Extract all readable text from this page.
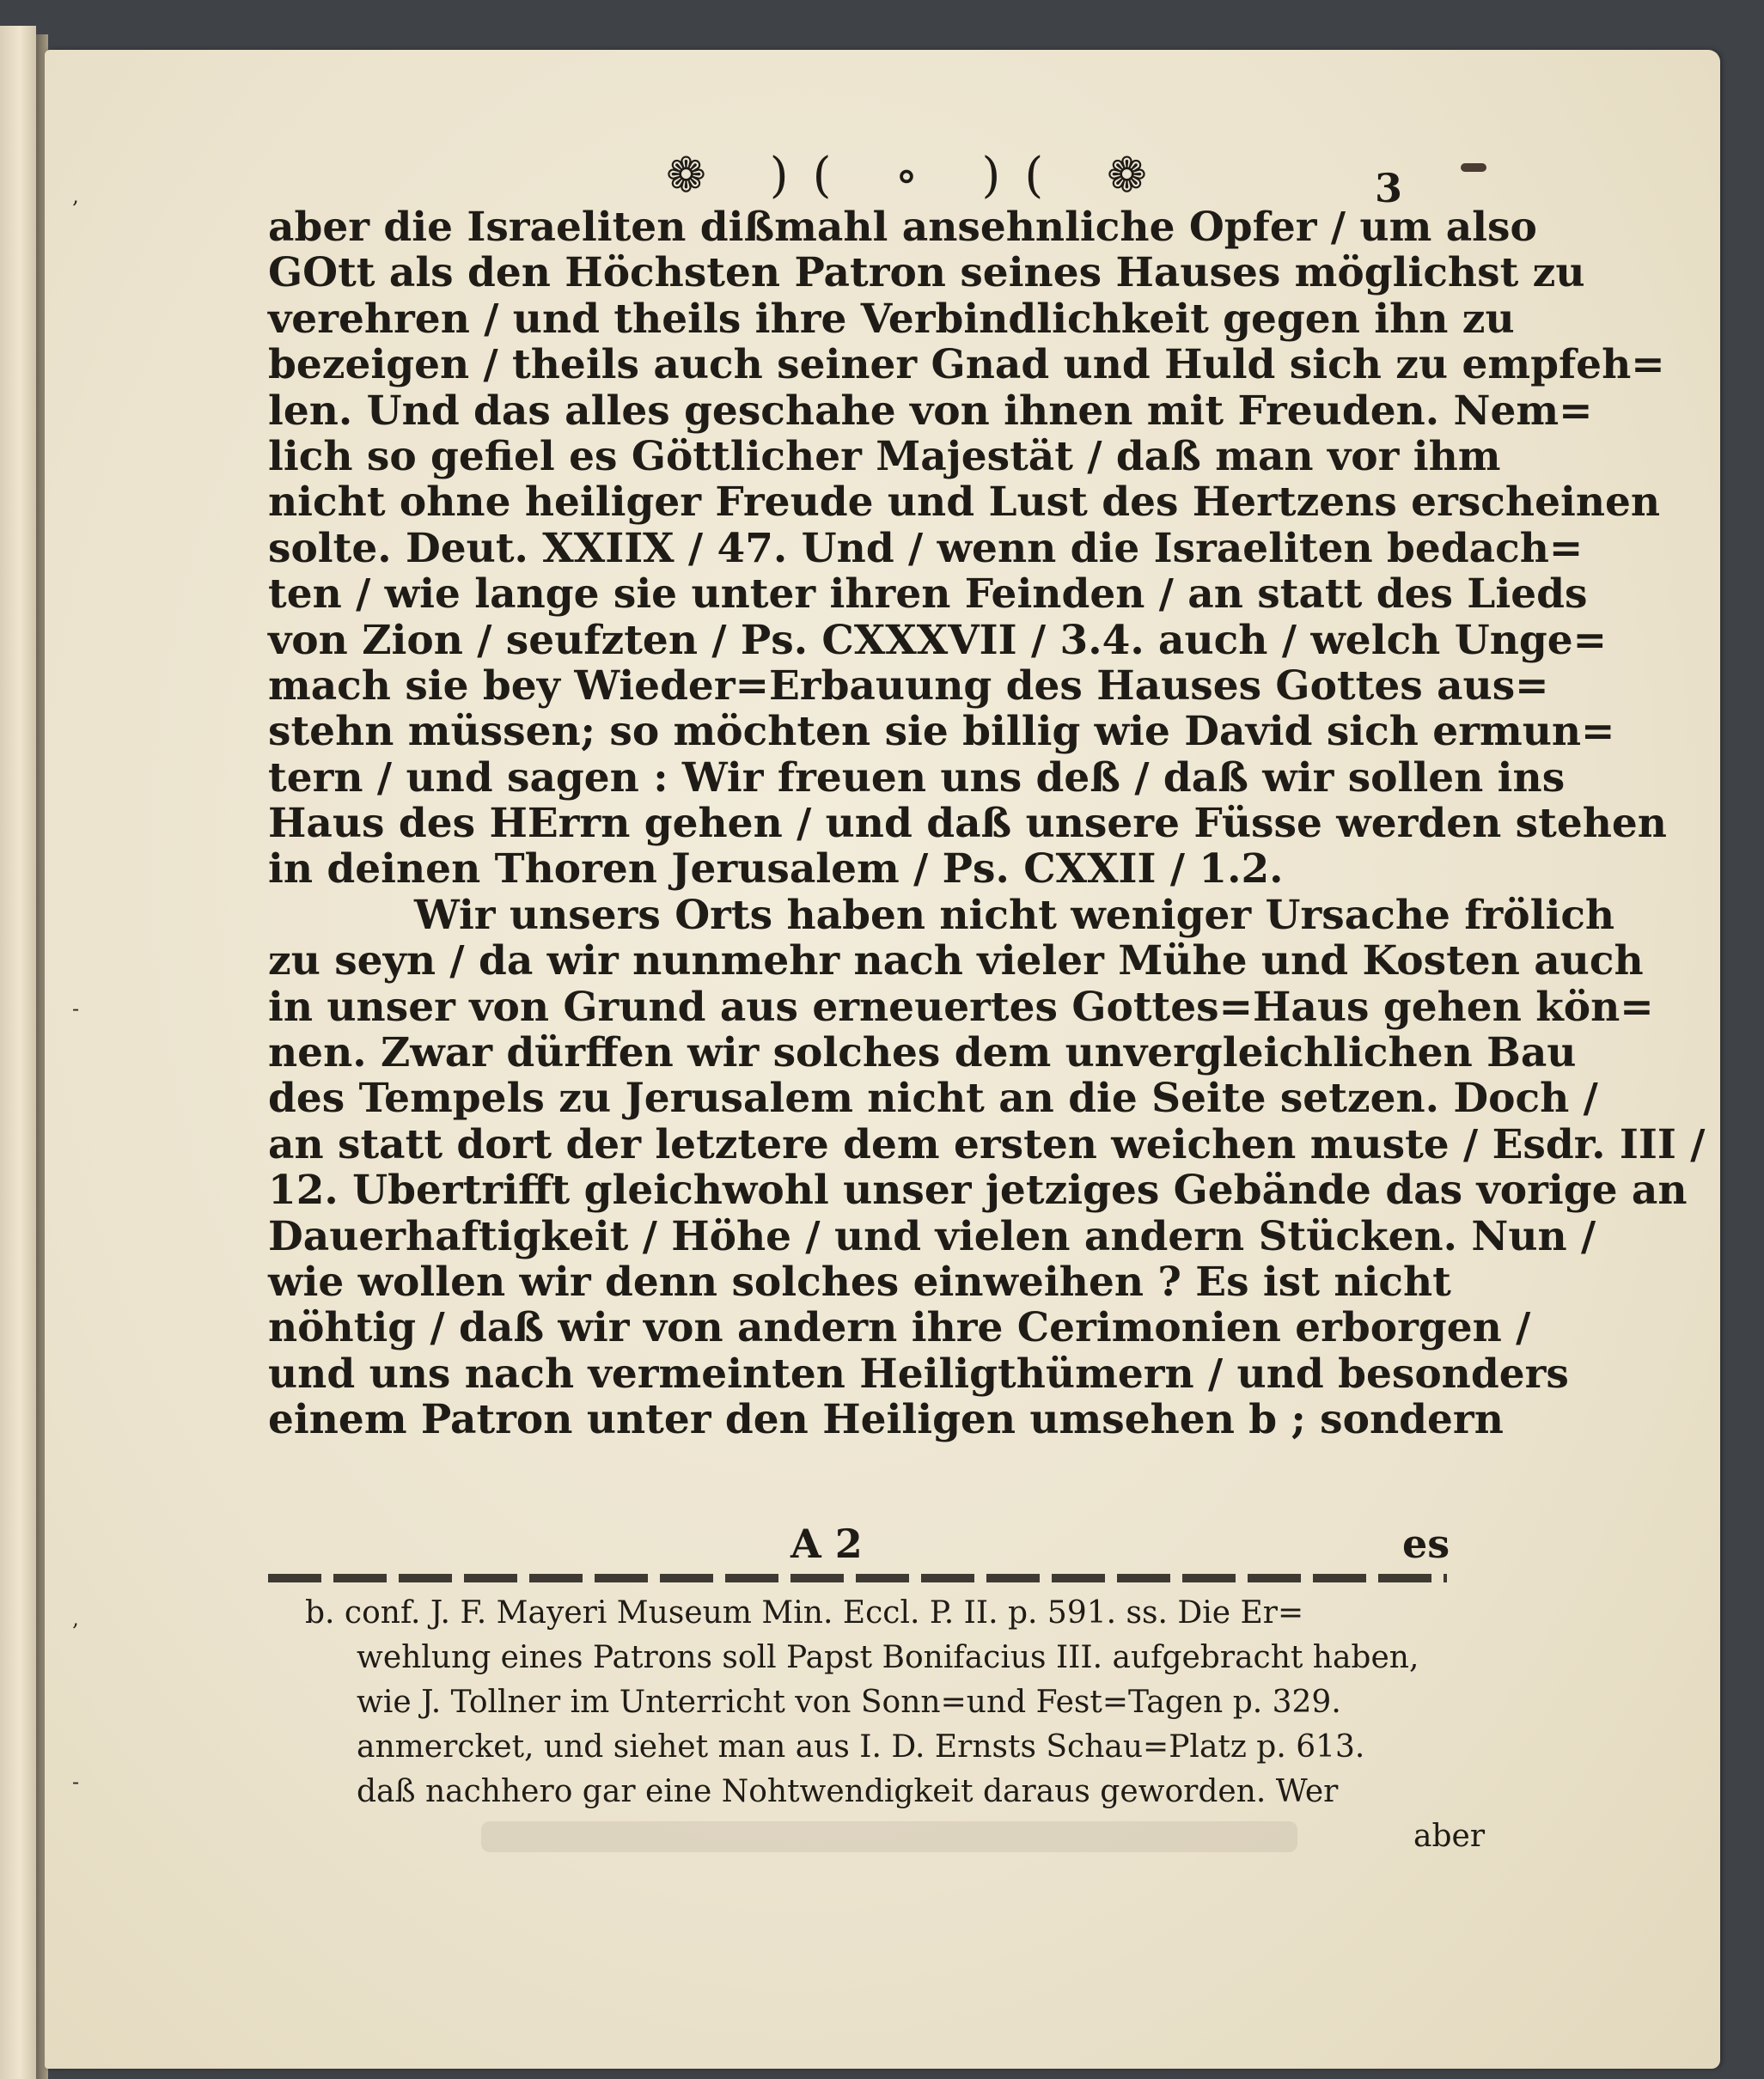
❁ )( ∘ )( ❁	3
‚
-
‚
-
aber die Israeliten dißmahl ansehnliche Opfer / um also
GOtt als den Höchsten Patron seines Hauses möglichst zu
verehren / und theils ihre Verbindlichkeit gegen ihn zu
bezeigen / theils auch seiner Gnad und Huld sich zu empfeh=
len. Und das alles geschahe von ihnen mit Freuden. Nem=
lich so gefiel es Göttlicher Majestät / daß man vor ihm
nicht ohne heiliger Freude und Lust des Hertzens erscheinen
solte. Deut. XXIIX / 47. Und / wenn die Israeliten bedach=
ten / wie lange sie unter ihren Feinden / an statt des Lieds
von Zion / seufzten / Ps. CXXXVII / 3.4. auch / welch Unge=
mach sie bey Wieder=Erbauung des Hauses Gottes aus=
stehn müssen; so möchten sie billig wie David sich ermun=
tern / und sagen : Wir freuen uns deß / daß wir sollen ins
Haus des HErrn gehen / und daß unsere Füsse werden stehen
in deinen Thoren Jerusalem / Ps. CXXII / 1.2.
Wir unsers Orts haben nicht weniger Ursache frölich
zu seyn / da wir nunmehr nach vieler Mühe und Kosten auch
in unser von Grund aus erneuertes Gottes=Haus gehen kön=
nen. Zwar dürffen wir solches dem unvergleichlichen Bau
des Tempels zu Jerusalem nicht an die Seite setzen. Doch /
an statt dort der letztere dem ersten weichen muste / Esdr. III /
12. Ubertrifft gleichwohl unser jetziges Gebände das vorige an
Dauerhaftigkeit / Höhe / und vielen andern Stücken. Nun /
wie wollen wir denn solches einweihen ? Es ist nicht
nöhtig / daß wir von andern ihre Cerimonien erborgen /
und uns nach vermeinten Heiligthümern / und besonders
einem Patron unter den Heiligen umsehen b ; sondern
A 2	es
b. conf. J. F. Mayeri Museum Min. Eccl. P. II. p. 591. ss. Die Er=
wehlung eines Patrons soll Papst Bonifacius III. aufgebracht haben,
wie J. Tollner im Unterricht von Sonn=und Fest=Tagen p. 329.
anmercket, und siehet man aus I. D. Ernsts Schau=Platz p. 613.
daß nachhero gar eine Nohtwendigkeit daraus geworden. Wer
aber
